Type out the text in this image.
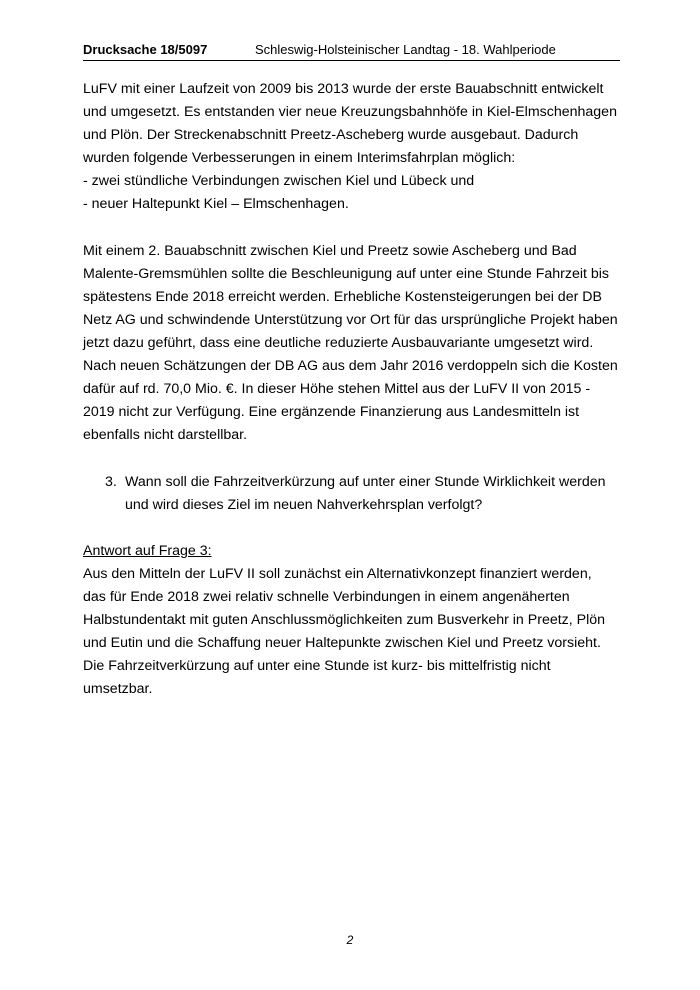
Drucksache 18/5097	Schleswig-Holsteinischer Landtag - 18. Wahlperiode

LuFV mit einer Laufzeit von 2009 bis 2013 wurde der erste Bauabschnitt entwickelt
und umgesetzt. Es entstanden vier neue Kreuzungsbahnhöfe in Kiel-Elmschenhagen
und Plön. Der Streckenabschnitt Preetz-Ascheberg wurde ausgebaut. Dadurch
wurden folgende Verbesserungen in einem Interimsfahrplan möglich:
- zwei stündliche Verbindungen zwischen Kiel und Lübeck und
- neuer Haltepunkt Kiel – Elmschenhagen.

Mit einem 2. Bauabschnitt zwischen Kiel und Preetz sowie Ascheberg und Bad
Malente-Gremsmühlen sollte die Beschleunigung auf unter eine Stunde Fahrzeit bis
spätestens Ende 2018 erreicht werden. Erhebliche Kostensteigerungen bei der DB
Netz AG und schwindende Unterstützung vor Ort für das ursprüngliche Projekt haben
jetzt dazu geführt, dass eine deutliche reduzierte Ausbauvariante umgesetzt wird.
Nach neuen Schätzungen der DB AG aus dem Jahr 2016 verdoppeln sich die Kosten
dafür auf rd. 70,0 Mio. €. In dieser Höhe stehen Mittel aus der LuFV II von 2015 -
2019 nicht zur Verfügung. Eine ergänzende Finanzierung aus Landesmitteln ist
ebenfalls nicht darstellbar.

3. Wann soll die Fahrzeitverkürzung auf unter einer Stunde Wirklichkeit werden
und wird dieses Ziel im neuen Nahverkehrsplan verfolgt?

Antwort auf Frage 3:
Aus den Mitteln der LuFV II soll zunächst ein Alternativkonzept finanziert werden,
das für Ende 2018 zwei relativ schnelle Verbindungen in einem angenäherten
Halbstundentakt mit guten Anschlussmöglichkeiten zum Busverkehr in Preetz, Plön
und Eutin und die Schaffung neuer Haltepunkte zwischen Kiel und Preetz vorsieht.
Die Fahrzeitverkürzung auf unter eine Stunde ist kurz- bis mittelfristig nicht
umsetzbar.

2
